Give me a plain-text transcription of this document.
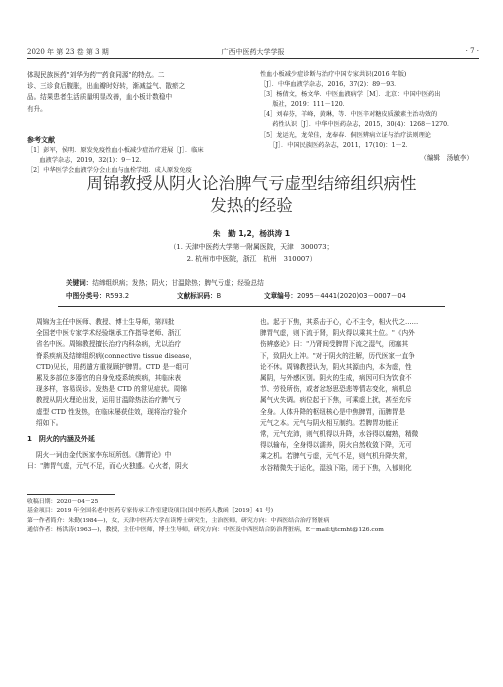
2020 年 第 23 卷 第 3 期	广西中医药大学学报	· 7 ·
体现民族医药"刘华为药""药食同源"的特点。二
诊、三诊食后腹胀，出血瓣时好转，渐减益气、散瘀之
品。结果患者生活质量明显改善，血小板计数稳中
有升。
参考文献
［1］彭军，侯明．原发免疫性血小板减少症治疗进展［J］．临床
　　血液学杂志，2019，32(1)：9－12．
［2］中华医学会血液学分会止血与血栓学组．成人原发免疫
性血小板减少症诊断与治疗中国专家共识(2016 年版)
［J］．中华血液学杂志，2016，37(2)：89－93．
［3］杨倩文，杨文华．中医血液病学［M］．北京：中国中医药出
　　版社，2019：111－120．
［4］刘春芬，羊峰，黄琳，等．中医辛对糖皮质激素主治功效的
　　药性认识［J］．中华中医药杂志，2015，30(4)：1268－1270．
［5］龙运光，龙荣佳，龙奉春．侗医辨病立证与治疗法则理论
　　［J］．中国民族医药杂志，2011，17(10)：1－2．
（编辑　汤敏李）
周锦教授从阴火论治脾气亏虚型结缔组织病性
发热的经验
朱　勤 1,2，杨洪涛 1
（1. 天津中医药大学第一附属医院，天津　300073；
2. 杭州市中医院，浙江　杭州　310007）
关键词：结缔组织病；发热；阴火；甘温除热；脾气亏虚；经验总结
中图分类号：R593.2	文献标识码：B	文章编号：2095－4441(2020)03－0007－04
周锦为主任中医师、教授、博士生导师，第四批
全国老中医专家学术经验继承工作指导老师、浙江
省名中医。周锦教授擅长治疗内科杂病，尤以治疗
脊系疾病及结缔组织病(connective tissue disease，
CTD)见长，用药遣方重视顾护脾胃。CTD 是一组可
累及多部位多器官的自身免疫系统疾病，其临床表
现多样，容易误诊。发热是 CTD 的常见症状。周锦
教授从阴火理论出发，运用甘温除热法治疗脾气亏
虚型 CTD 性发热，在临床屡获佳效，现将治疗验介
绍如下。
1　阴火的内涵及外延
阴火一词由金代医家李东垣所创。《脾胃论》中
曰："脾胃气虚，元气不足，而心火独盛。心火者，阴火
也。起于下焦，其系击于心，心不主令，相火代之……
脾胃气虚，则下流于肾，阴火得以乘其土位。"《内外
伤辨惑论》曰："乃肾间受脾胃下流之湿气，闭塞其
下，致阴火上冲。"对于阴火的注解，历代医家一直争
论不休。周锦教授认为，阴火其源由内，本为虚，性
属阴，与外感区别。阴火的生成，病因可归为饮食不
节、劳役所伤，或者忿怒思恐悲等情志变化，病机总
属气火失调。病位起于下焦，可乘虚上扰，甚至充斥
全身。人体升降的枢纽核心是中焦脾胃，而脾胃是
元气之本。元气与阴火相互制约。若脾胃功能正
常，元气充沛，则气机得以升降，水谷得以腐熟，精微
得以输布，全身得以濡养，阴火自然收敛下降，无可
乘之机。若脾气亏虚，元气不足，则气机升降失常，
水谷精微失于运化，湿浊下陷，闭于下焦，入郁则化
收稿日期：2020－04－25
基金项目：2019 年全国名老中医药专家传承工作室建设项目(国中医药人教函［2019］41 号)
第一作者简介：朱勤(1984—)，女，天津中医药大学在读博士研究生，主治医师，研究方向：中西医结合治疗肾脏病
通信作者：杨洪涛(1963—)，教授，主任中医师，博士生导师，研究方向：中医及中西医结合防治肾脏病，E－mail:tjtcmht@126.com
